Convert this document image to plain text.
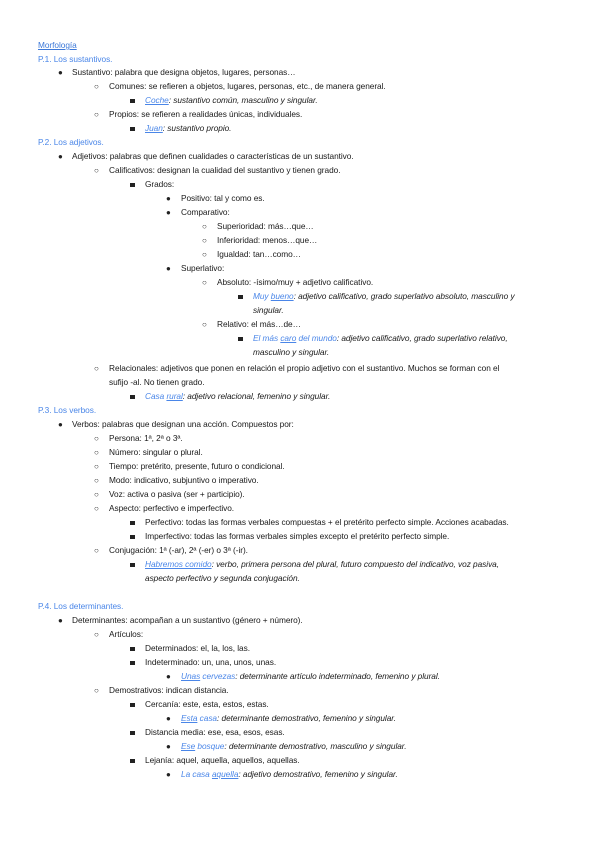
Morfología
P.1. Los sustantivos.
● Sustantivo: palabra que designa objetos, lugares, personas…
○ Comunes: se refieren a objetos, lugares, personas, etc., de manera general.
Coche: sustantivo común, masculino y singular.
○ Propios: se refieren a realidades únicas, individuales.
Juan: sustantivo propio.
P.2. Los adjetivos.
● Adjetivos: palabras que definen cualidades o características de un sustantivo.
○ Calificativos: designan la cualidad del sustantivo y tienen grado.
Grados:
● Positivo: tal y como es.
● Comparativo:
○ Superioridad: más…que…
○ Inferioridad: menos…que…
○ Igualdad: tan…como…
● Superlativo:
○ Absoluto: -ísimo/muy + adjetivo calificativo.
Muy bueno: adjetivo calificativo, grado superlativo absoluto, masculino y
singular.
○ Relativo: el más…de…
El más caro del mundo: adjetivo calificativo, grado superlativo relativo,
masculino y singular.
○ Relacionales: adjetivos que ponen en relación el propio adjetivo con el sustantivo. Muchos se forman con el
sufijo -al. No tienen grado.
Casa rural: adjetivo relacional, femenino y singular.
P.3. Los verbos.
● Verbos: palabras que designan una acción. Compuestos por:
○ Persona: 1ª, 2ª o 3ª.
○ Número: singular o plural.
○ Tiempo: pretérito, presente, futuro o condicional.
○ Modo: indicativo, subjuntivo o imperativo.
○ Voz: activa o pasiva (ser + participio).
○ Aspecto: perfectivo e imperfectivo.
Perfectivo: todas las formas verbales compuestas + el pretérito perfecto simple. Acciones acabadas.
Imperfectivo: todas las formas verbales simples excepto el pretérito perfecto simple.
○ Conjugación: 1ª (-ar), 2ª (-er) o 3ª (-ir).
Habremos comido: verbo, primera persona del plural, futuro compuesto del indicativo, voz pasiva,
aspecto perfectivo y segunda conjugación.
P.4. Los determinantes.
● Determinantes: acompañan a un sustantivo (género + número).
○ Artículos:
Determinados: el, la, los, las.
Indeterminado: un, una, unos, unas.
● Unas cervezas: determinante artículo indeterminado, femenino y plural.
○ Demostrativos: indican distancia.
Cercanía: este, esta, estos, estas.
● Esta casa: determinante demostrativo, femenino y singular.
Distancia media: ese, esa, esos, esas.
● Ese bosque: determinante demostrativo, masculino y singular.
Lejanía: aquel, aquella, aquellos, aquellas.
● La casa aquella: adjetivo demostrativo, femenino y singular.
